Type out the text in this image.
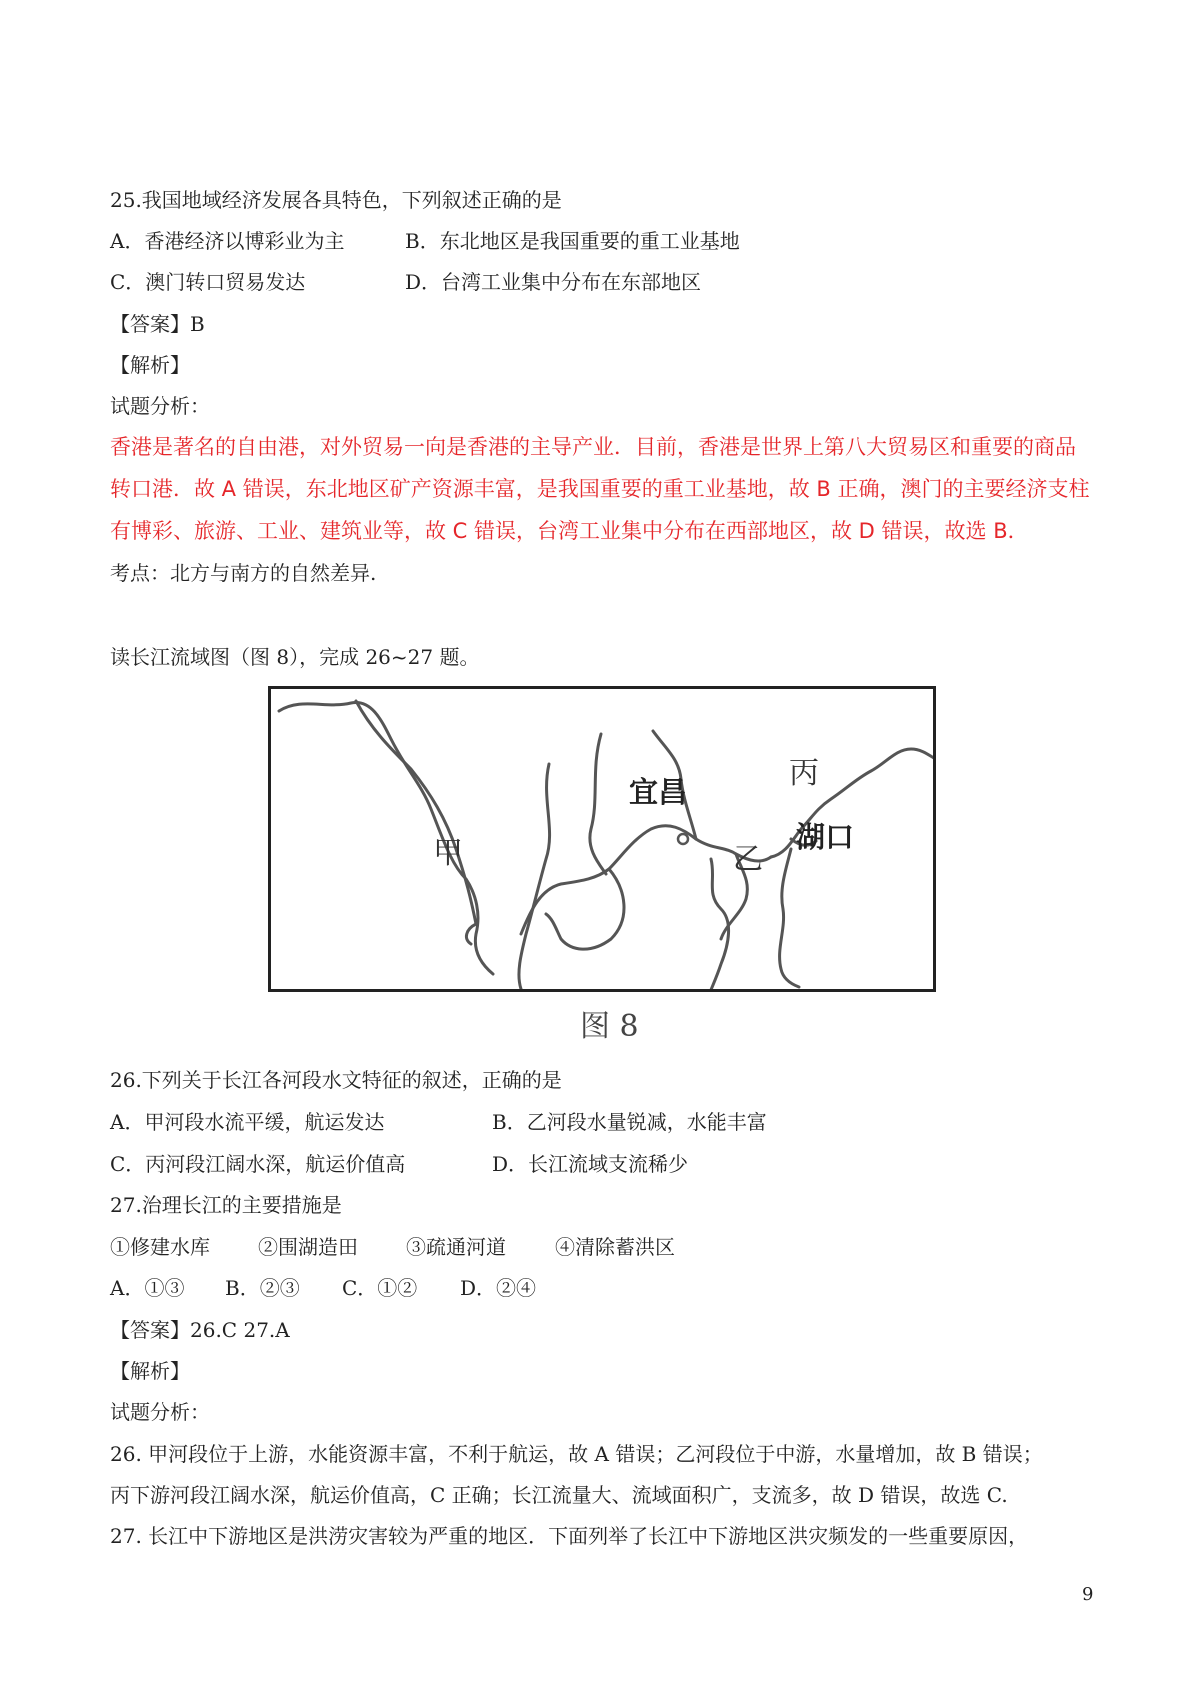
25.我国地域经济发展各具特色，下列叙述正确的是
A．香港经济以博彩业为主	B．东北地区是我国重要的重工业基地
C．澳门转口贸易发达	D．台湾工业集中分布在东部地区
【答案】B
【解析】
试题分析：
香港是著名的自由港，对外贸易一向是香港的主导产业．目前，香港是世界上第八大贸易区和重要的商品
转口港．故 A 错误，东北地区矿产资源丰富，是我国重要的重工业基地，故 B 正确，澳门的主要经济支柱
有博彩、旅游、工业、建筑业等，故 C 错误，台湾工业集中分布在西部地区，故 D 错误，故选 B．
考点：北方与南方的自然差异.
读长江流域图（图 8），完成 26~27 题。
甲
宜昌
乙
丙
湖口
图 8
26.下列关于长江各河段水文特征的叙述，正确的是
A．甲河段水流平缓，航运发达	B．乙河段水量锐减，水能丰富
C．丙河段江阔水深，航运价值高	D．长江流域支流稀少
27.治理长江的主要措施是
①修建水库 ②围湖造田 ③疏通河道 ④清除蓄洪区
A．①③ B．②③ C．①② D．②④
【答案】26.C 27.A
【解析】
试题分析：
26. 甲河段位于上游，水能资源丰富，不利于航运，故 A 错误；乙河段位于中游，水量增加，故 B 错误；
丙下游河段江阔水深，航运价值高，C 正确；长江流量大、流域面积广，支流多，故 D 错误，故选 C.
27. 长江中下游地区是洪涝灾害较为严重的地区．下面列举了长江中下游地区洪灾频发的一些重要原因，
9
